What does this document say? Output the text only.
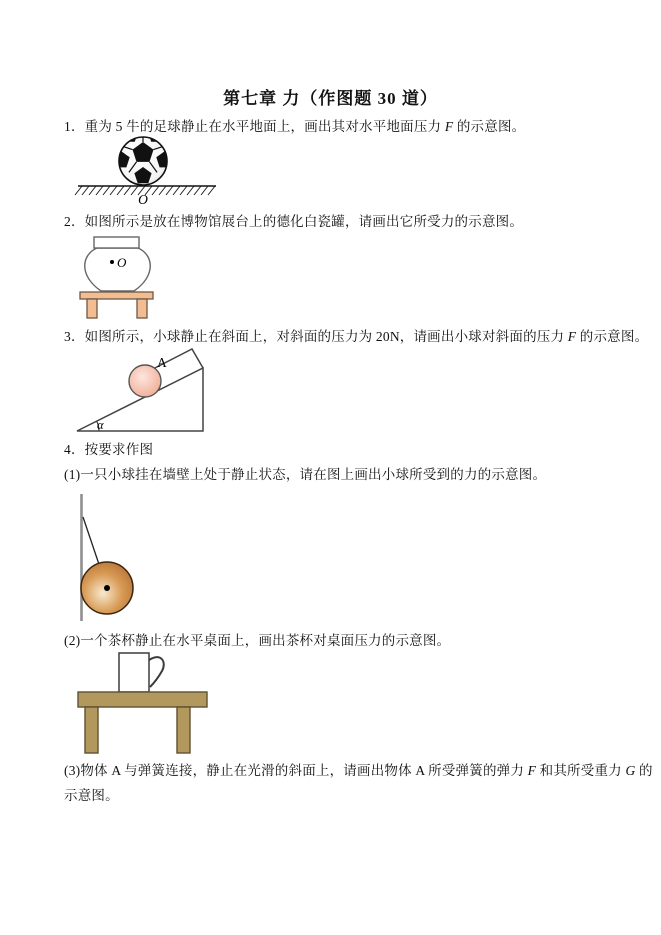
第七章 力（作图题 30 道）
1．重为 5 牛的足球静止在水平地面上，画出其对水平地面压力 F 的示意图。
O
2．如图所示是放在博物馆展台上的德化白瓷罐，请画出它所受力的示意图。
O
3．如图所示，小球静止在斜面上，对斜面的压力为 20N，请画出小球对斜面的压力 F 的示意图。
A
α
4．按要求作图
(1)一只小球挂在墙壁上处于静止状态，请在图上画出小球所受到的力的示意图。
(2)一个茶杯静止在水平桌面上，画出茶杯对桌面压力的示意图。
(3)物体 A 与弹簧连接，静止在光滑的斜面上，请画出物体 A 所受弹簧的弹力 F 和其所受重力 G 的
示意图。
